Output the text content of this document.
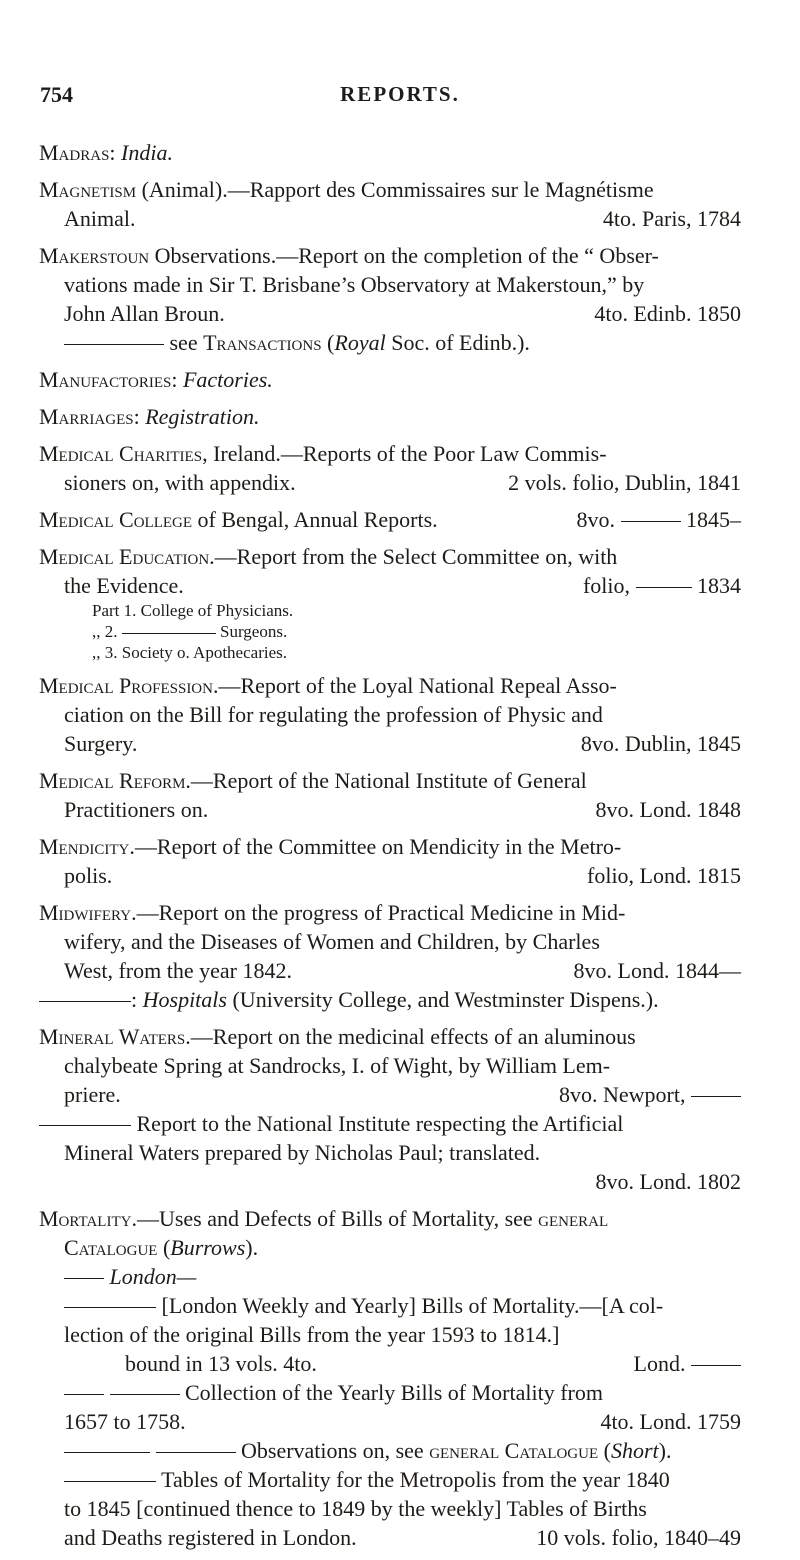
754	REPORTS.
Madras: India.
Magnetism (Animal).—Rapport des Commissaires sur le Magnétisme
Animal.	4to. Paris, 1784
Makerstoun Observations.—Report on the completion of the “ Obser-
vations made in Sir T. Brisbane’s Observatory at Makerstoun,” by
John Allan Broun.	4to. Edinb. 1850
see Transactions (Royal Soc. of Edinb.).
Manufactories: Factories.
Marriages: Registration.
Medical Charities, Ireland.—Reports of the Poor Law Commis-
sioners on, with appendix.	2 vols. folio, Dublin, 1841
Medical College of Bengal, Annual Reports.	8vo.	1845–
Medical Education.—Report from the Select Committee on, with
the Evidence.	folio,	1834
Part 1. College of Physicians.
,, 2.	Surgeons.
,, 3. Society o. Apothecaries.
Medical Profession.—Report of the Loyal National Repeal Asso-
ciation on the Bill for regulating the profession of Physic and
Surgery.	8vo. Dublin, 1845
Medical Reform.—Report of the National Institute of General
Practitioners on.	8vo. Lond. 1848
Mendicity.—Report of the Committee on Mendicity in the Metro-
polis.	folio, Lond. 1815
Midwifery.—Report on the progress of Practical Medicine in Mid-
wifery, and the Diseases of Women and Children, by Charles
West, from the year 1842.	8vo. Lond. 1844—
: Hospitals (University College, and Westminster Dispens.).
Mineral Waters.—Report on the medicinal effects of an aluminous
chalybeate Spring at Sandrocks, I. of Wight, by William Lem-
priere.	8vo. Newport,
Report to the National Institute respecting the Artificial
Mineral Waters prepared by Nicholas Paul; translated.
8vo. Lond. 1802

Mortality.—Uses and Defects of Bills of Mortality, see general
Catalogue (Burrows).
London—
[London Weekly and Yearly] Bills of Mortality.—[A col-
lection of the original Bills from the year 1593 to 1814.]
bound in 13 vols. 4to.	Lond.
Collection of the Yearly Bills of Mortality from
1657 to 1758.	4to. Lond. 1759
Observations on, see general Catalogue (Short).
Tables of Mortality for the Metropolis from the year 1840
to 1845 [continued thence to 1849 by the weekly] Tables of Births
and Deaths registered in London.	10 vols. folio, 1840–49
